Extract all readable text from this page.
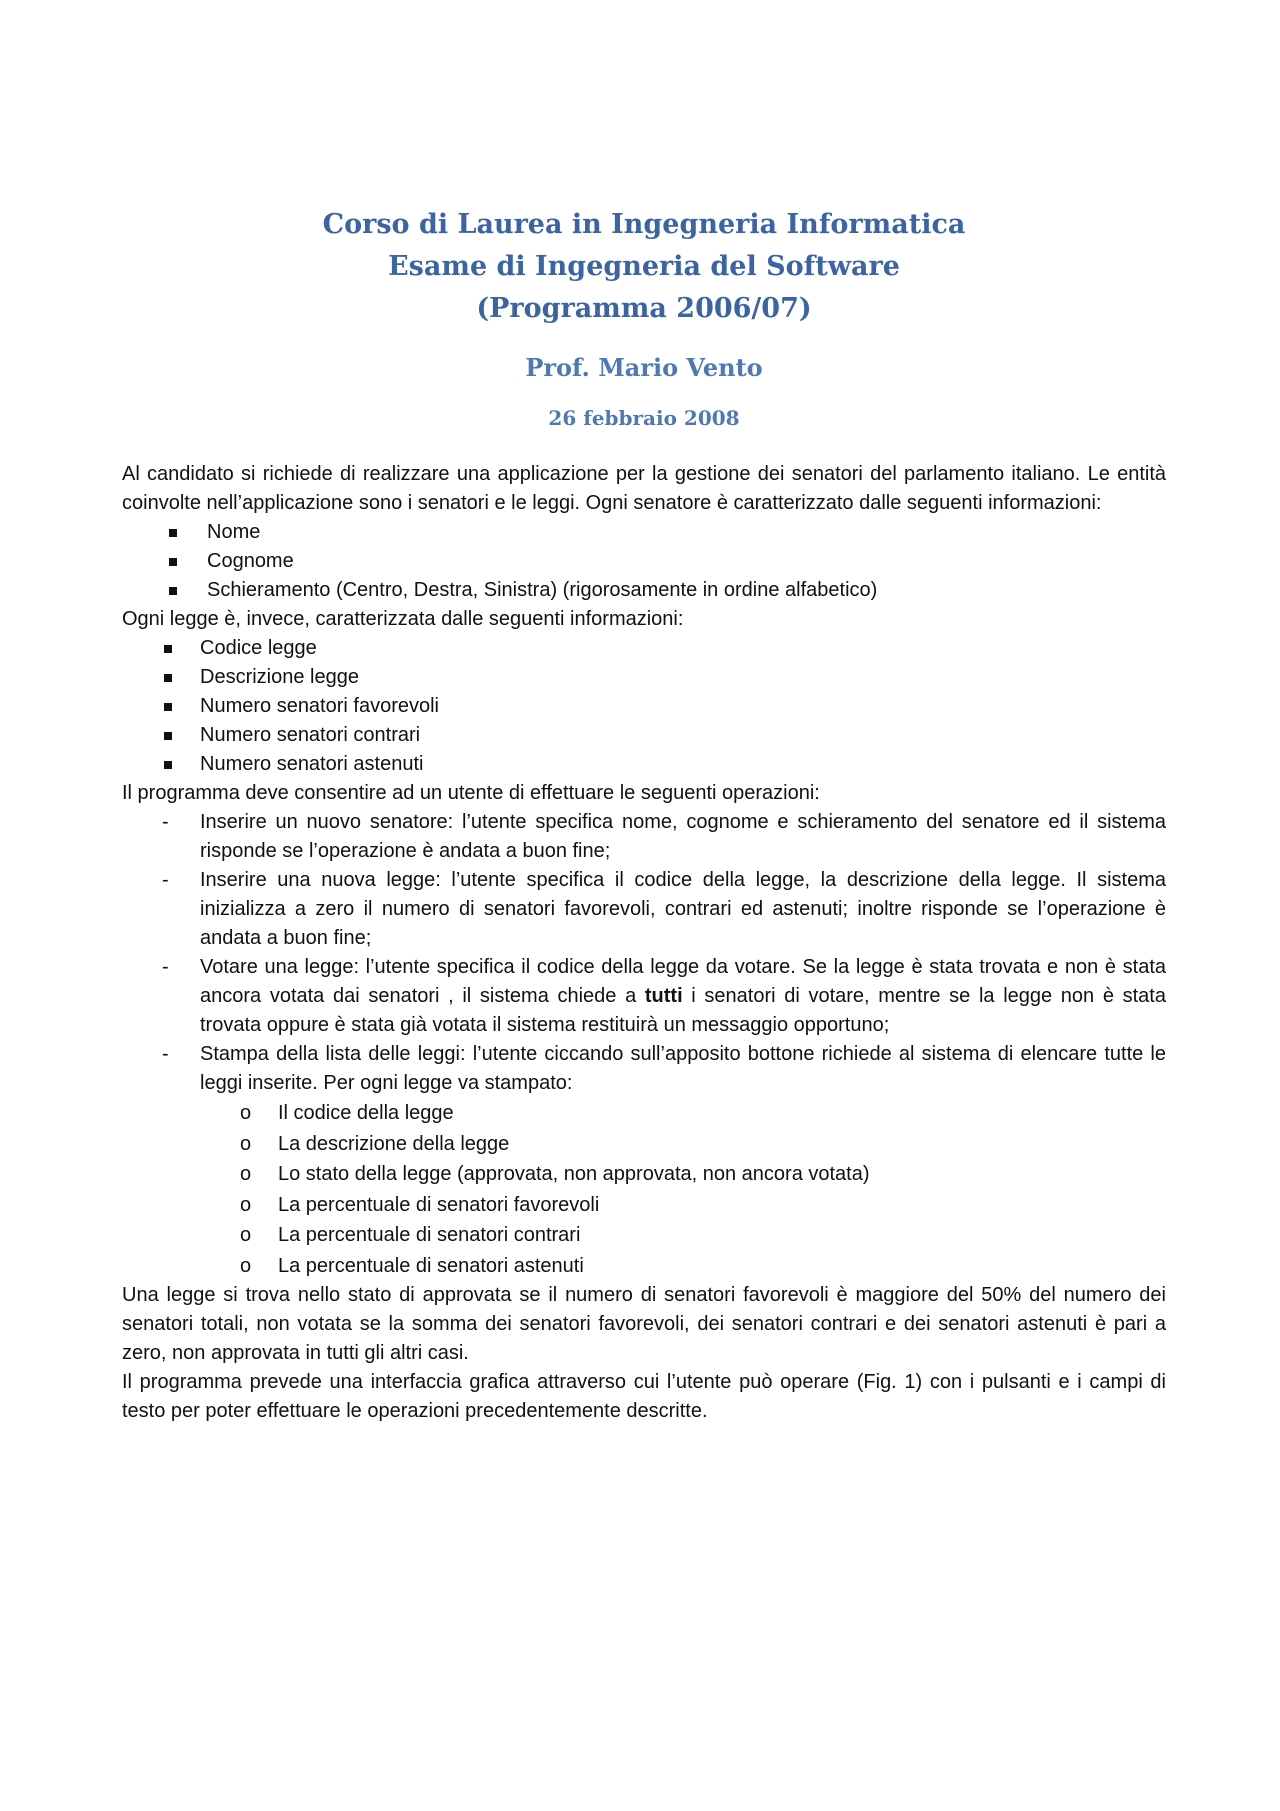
Corso di Laurea in Ingegneria Informatica
Esame di Ingegneria del Software
(Programma 2006/07)
Prof. Mario Vento
26 febbraio 2008

Al candidato si richiede di realizzare una applicazione per la gestione dei senatori del parlamento italiano. Le entità coinvolte nell’applicazione sono i senatori e le leggi. Ogni senatore è caratterizzato dalle seguenti informazioni:

Nome
Cognome
Schieramento (Centro, Destra, Sinistra) (rigorosamente in ordine alfabetico)

Ogni legge è, invece, caratterizzata dalle seguenti informazioni:

Codice legge
Descrizione legge
Numero senatori favorevoli
Numero senatori contrari
Numero senatori astenuti

Il programma deve consentire ad un utente di effettuare le seguenti operazioni:

- Inserire un nuovo senatore: l’utente specifica nome, cognome e schieramento del senatore ed il sistema risponde se l’operazione è andata a buon fine;
- Inserire una nuova legge: l’utente specifica il codice della legge, la descrizione della legge. Il sistema inizializza a zero il numero di senatori favorevoli, contrari ed astenuti; inoltre risponde se l’operazione è andata a buon fine;
- Votare una legge: l’utente specifica il codice della legge da votare. Se la legge è stata trovata e non è stata ancora votata dai senatori , il sistema chiede a tutti i senatori di votare, mentre se la legge non è stata trovata oppure è stata già votata il sistema restituirà un messaggio opportuno;
- Stampa della lista delle leggi: l’utente ciccando sull’apposito bottone richiede al sistema di elencare tutte le leggi inserite. Per ogni legge va stampato:
o Il codice della legge
o La descrizione della legge
o Lo stato della legge (approvata, non approvata, non ancora votata)
o La percentuale di senatori favorevoli
o La percentuale di senatori contrari
o La percentuale di senatori astenuti

Una legge si trova nello stato di approvata se il numero di senatori favorevoli è maggiore del 50% del numero dei senatori totali, non votata se la somma dei senatori favorevoli, dei senatori contrari e dei senatori astenuti è pari a zero, non approvata in tutti gli altri casi.

Il programma prevede una interfaccia grafica attraverso cui l’utente può operare (Fig. 1) con i pulsanti e i campi di testo per poter effettuare le operazioni precedentemente descritte.
